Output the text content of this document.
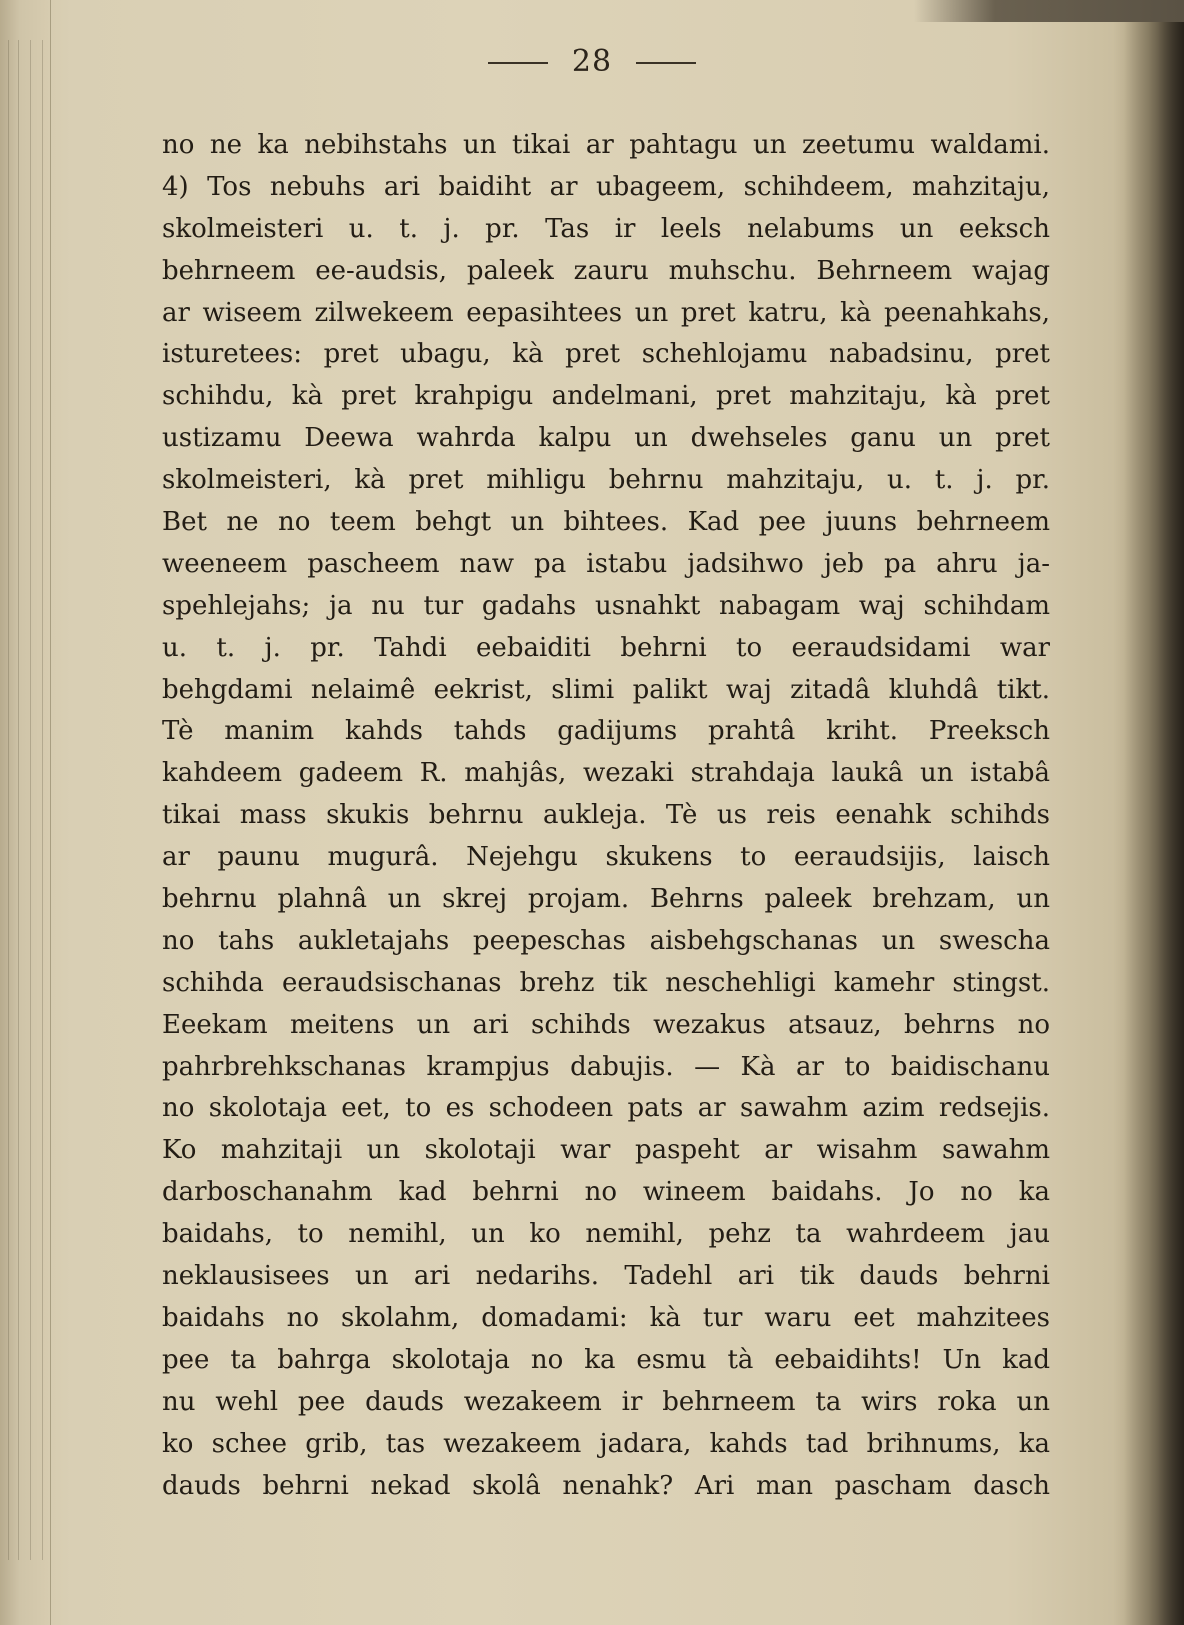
28
no ne ka nebihstahs un tikai ar pahtagu un zeetumu waldami.
4) Tos nebuhs ari baidiht ar ubageem, schihdeem, mahzitaju,
skolmeisteri u. t. j. pr. Tas ir leels nelabums un eeksch
behrneem ee-audsis, paleek zauru muhschu. Behrneem wajag
ar wiseem zilwekeem eepasihtees un pret katru, kà peenahkahs,
isturetees: pret ubagu, kà pret schehlojamu nabadsinu, pret
schihdu, kà pret krahpigu andelmani, pret mahzitaju, kà pret
ustizamu Deewa wahrda kalpu un dwehseles ganu un pret
skolmeisteri, kà pret mihligu behrnu mahzitaju, u. t. j. pr.
Bet ne no teem behgt un bihtees. Kad pee juuns behrneem
weeneem paschеem naw pa istabu jadsihwo jeb pa ahru ja-
spehlejahs; ja nu tur gadahs usnahkt nabagam waj schihdam
u. t. j. pr. Tahdi eebaiditi behrni to eeraudsidami war
behgdami nelaimê eekrist, slimi palikt waj zitadâ kluhdâ tikt.
Tè manim kahds tahds gadijums prahtâ kriht. Preeksch
kahdeem gadeem R. mahjâs, wezaki strahdaja laukâ un istabâ
tikai mass skukis behrnu aukleja. Tè us reis eenahk schihds
ar paunu mugurâ. Nejehgu skukens to eeraudsijis, laisch
behrnu plahnâ un skrej projam. Behrns paleek brehzam, un
no tahs aukletajahs peepeschas aisbehgschanas un swescha
schihda eeraudsischanas brehz tik neschehligi kamehr stingst.
Eeekam meitens un ari schihds wezakus atsauz, behrns no
pahrbrehkschanas krampjus dabujis. — Kà ar to baidischanu
no skolotaja eet, to es schodeen pats ar sawahm azim redsejis.
Ko mahzitaji un skolotaji war paspeht ar wisahm sawahm
darboschanahm kad behrni no wineem baidahs. Jo no ka
baidahs, to nemihl, un ko nemihl, pehz ta wahrdeem jau
neklausisees un ari nedarihs. Tadehl ari tik dauds behrni
baidahs no skolahm, domadami: kà tur waru eet mahzitees
pee ta bahrga skolotaja no ka esmu tà eebaidihts! Un kad
nu wehl pee dauds wezakeem ir behrneem ta wirs roka un
ko schee grib, tas wezakeem jadara, kahds tad brihnums, ka
dauds behrni nekad skolâ nenahk? Ari man pascham dasch
